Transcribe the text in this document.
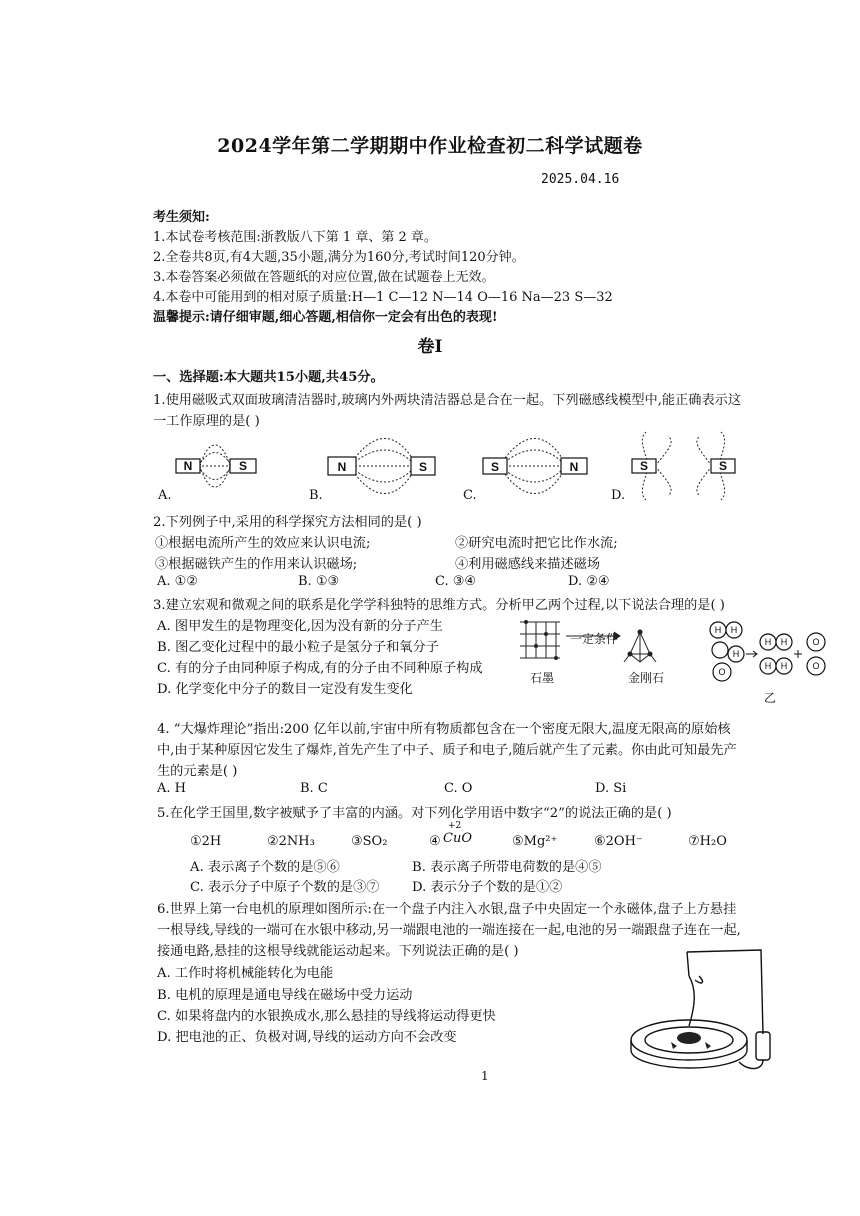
2024学年第二学期期中作业检查初二科学试题卷
2025.04.16
考生须知:
1.本试卷考核范围:浙教版八下第 1 章、第 2 章。
2.全卷共8页,有4大题,35小题,满分为160分,考试时间120分钟。
3.本卷答案必须做在答题纸的对应位置,做在试题卷上无效。
4.本卷中可能用到的相对原子质量:H—1 C—12 N—14 O—16 Na—23 S—32
温馨提示:请仔细审题,细心答题,相信你一定会有出色的表现!
卷I
一、选择题:本大题共15小题,共45分。
1.使用磁吸式双面玻璃清洁器时,玻璃内外两块清洁器总是合在一起。下列磁感线模型中,能正确表示这
一工作原理的是( )
N	S	N	S	S	N	S	S
A.	B.	C.	D.
2.下列例子中,采用的科学探究方法相同的是( )
①根据电流所产生的效应来认识电流;	②研究电流时把它比作水流;
③根据磁铁产生的作用来认识磁场;	④利用磁感线来描述磁场
A. ①②	B. ①③	C. ③④	D. ②④
3.建立宏观和微观之间的联系是化学学科独特的思维方式。分析甲乙两个过程,以下说法合理的是( )
A. 图甲发生的是物理变化,因为没有新的分子产生
B. 图乙变化过程中的最小粒子是氢分子和氧分子
C. 有的分子由同种原子构成,有的分子由不同种原子构成
D. 化学变化中分子的数目一定没有发生变化
一定条件
石墨	金刚石
H H
H
O
H H
H H
O
O
乙
4. “大爆炸理论”指出:200 亿年以前,宇宙中所有物质都包含在一个密度无限大,温度无限高的原始核
中,由于某种原因它发生了爆炸,首先产生了中子、质子和电子,随后就产生了元素。你由此可知最先产
生的元素是( )
A. H	B. C	C. O	D. Si
5.在化学王国里,数字被赋予了丰富的内涵。对下列化学用语中数字“2”的说法正确的是( )
①2H	②2NH₃	③SO₂	④ CuO
+2
⑤Mg²⁺	⑥2OH⁻	⑦H₂O
A. 表示离子个数的是⑤⑥	B. 表示离子所带电荷数的是④⑤
C. 表示分子中原子个数的是③⑦ D. 表示分子个数的是①②
6.世界上第一台电机的原理如图所示:在一个盘子内注入水银,盘子中央固定一个永磁体,盘子上方悬挂
一根导线,导线的一端可在水银中移动,另一端跟电池的一端连接在一起,电池的另一端跟盘子连在一起,
接通电路,悬挂的这根导线就能运动起来。下列说法正确的是( )
A. 工作时将机械能转化为电能
B. 电机的原理是通电导线在磁场中受力运动
C. 如果将盘内的水银换成水,那么悬挂的导线将运动得更快
D. 把电池的正、负极对调,导线的运动方向不会改变
1
